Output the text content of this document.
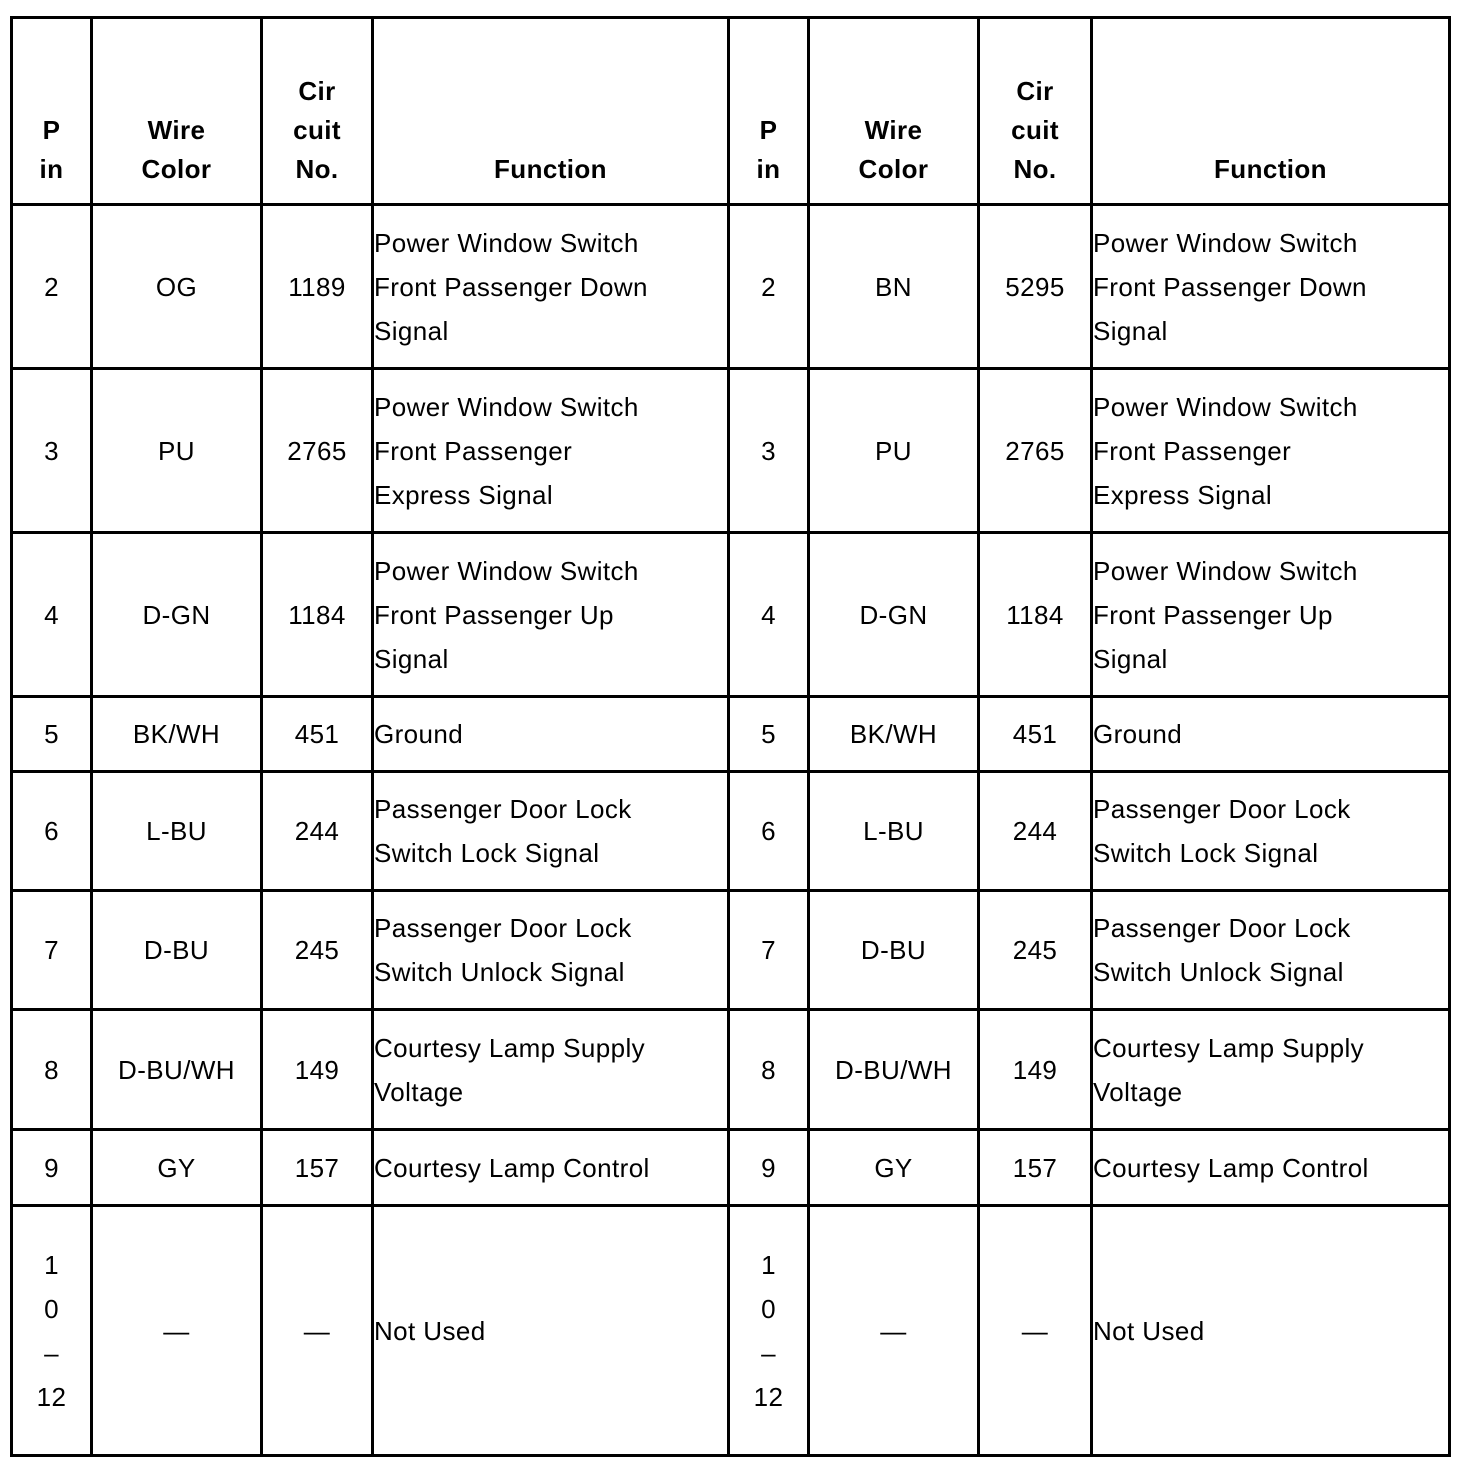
P
in	Wire
Color	Cir
cuit
No.	Function	P
in	Wire
Color	Cir
cuit
No.	Function

2	OG	1189	Power Window Switch
Front Passenger Down
Signal	2	BN	5295	Power Window Switch
Front Passenger Down
Signal

3	PU	2765	Power Window Switch
Front Passenger
Express Signal	3	PU	2765	Power Window Switch
Front Passenger
Express Signal

4	D-GN	1184	Power Window Switch
Front Passenger Up
Signal	4	D-GN	1184	Power Window Switch
Front Passenger Up
Signal

5	BK/WH	451	Ground	5	BK/WH	451	Ground

6	L-BU	244	Passenger Door Lock
Switch Lock Signal	6	L-BU	244	Passenger Door Lock
Switch Lock Signal

7	D-BU	245	Passenger Door Lock
Switch Unlock Signal	7	D-BU	245	Passenger Door Lock
Switch Unlock Signal

8	D-BU/WH	149	Courtesy Lamp Supply
Voltage	8	D-BU/WH	149	Courtesy Lamp Supply
Voltage

9	GY	157	Courtesy Lamp Control	9	GY	157	Courtesy Lamp Control

1
0
–
12	—	—	Not Used	1
0
–
12	—	—	Not Used
